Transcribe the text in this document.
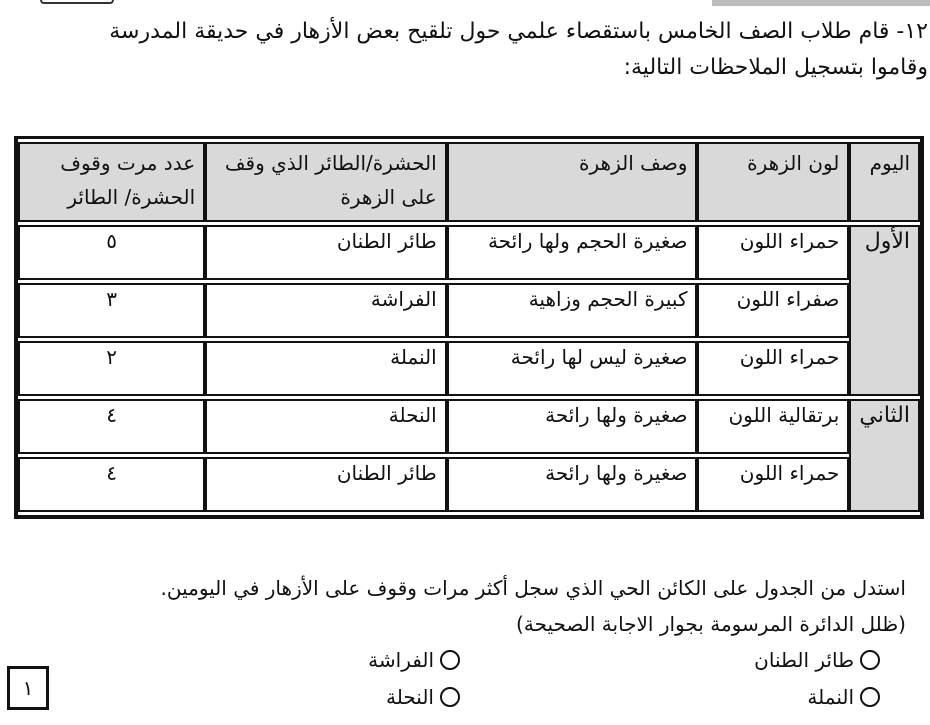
١٢- قام طلاب الصف الخامس باستقصاء علمي حول تلقيح بعض الأزهار في حديقة المدرسة

وقاموا بتسجيل الملاحظات التالية:

اليوم	لون الزهرة	وصف الزهرة	الحشرة/الطائر الذي وقف على الزهرة	عدد مرت وقوف الحشرة/ الطائر
الأول	حمراء اللون	صغيرة الحجم ولها رائحة	طائر الطنان	٥
	صفراء اللون	كبيرة الحجم وزاهية	الفراشة	٣
	حمراء اللون	صغيرة ليس لها رائحة	النملة	٢
الثاني	برتقالية اللون	صغيرة ولها رائحة	النحلة	٤
	حمراء اللون	صغيرة ولها رائحة	طائر الطنان	٤

استدل من الجدول على الكائن الحي الذي سجل أكثر مرات وقوف على الأزهار في اليومين.

(ظلل الدائرة المرسومة بجوار الاجابة الصحيحة)

طائر الطنان
الفراشة
النملة
النحلة
١
